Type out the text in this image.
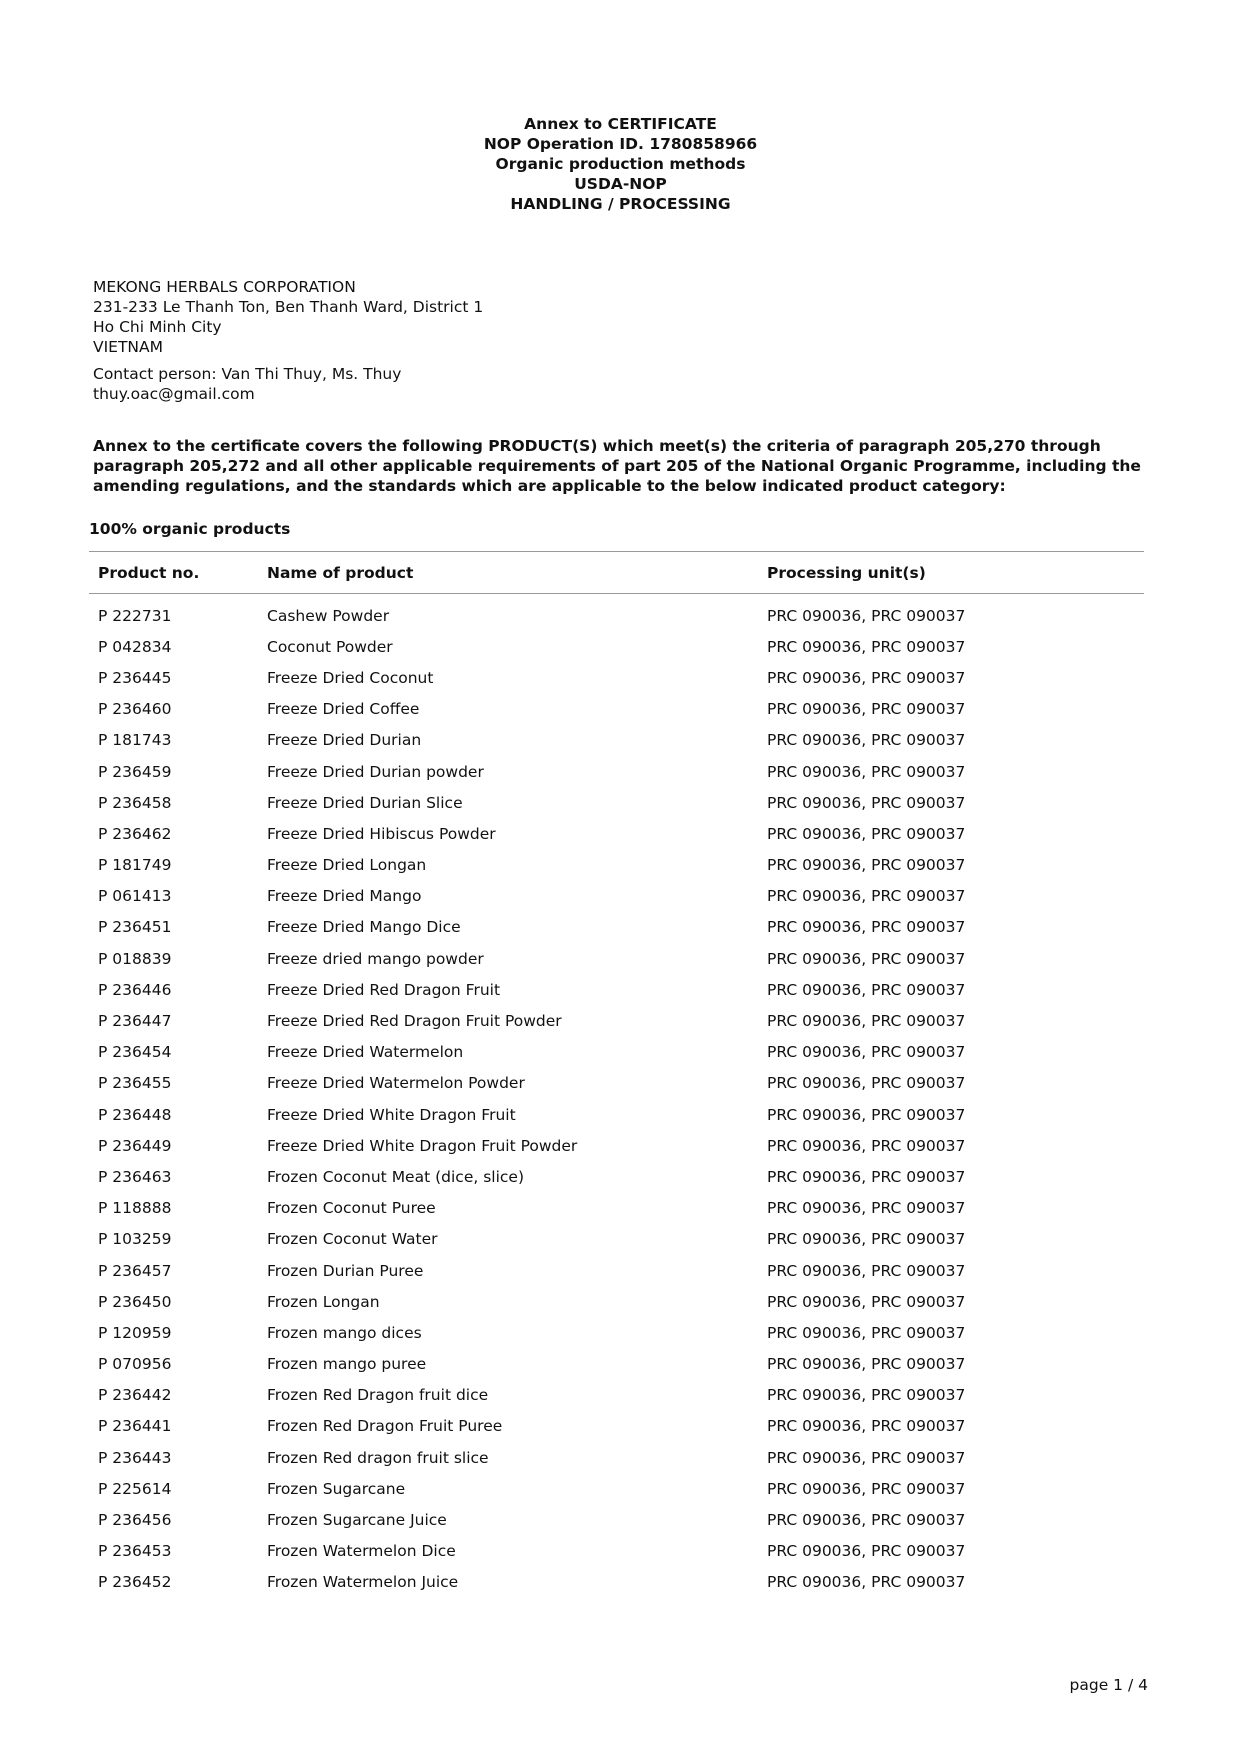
Annex to CERTIFICATE
NOP Operation ID. 1780858966
Organic production methods
USDA-NOP
HANDLING / PROCESSING
MEKONG HERBALS CORPORATION
231-233 Le Thanh Ton, Ben Thanh Ward, District 1
Ho Chi Minh City
VIETNAM
Contact person: Van Thi Thuy, Ms. Thuy
thuy.oac@gmail.com
Annex to the certificate covers the following PRODUCT(S) which meet(s) the criteria of paragraph 205,270 through paragraph 205,272 and all other applicable requirements of part 205 of the National Organic Programme, including the amending regulations, and the standards which are applicable to the below indicated product category:
100% organic products
Product no.	Name of product	Processing unit(s)
P 222731	Cashew Powder	PRC 090036, PRC 090037
P 042834	Coconut Powder	PRC 090036, PRC 090037
P 236445	Freeze Dried Coconut	PRC 090036, PRC 090037
P 236460	Freeze Dried Coffee	PRC 090036, PRC 090037
P 181743	Freeze Dried Durian	PRC 090036, PRC 090037
P 236459	Freeze Dried Durian powder	PRC 090036, PRC 090037
P 236458	Freeze Dried Durian Slice	PRC 090036, PRC 090037
P 236462	Freeze Dried Hibiscus Powder	PRC 090036, PRC 090037
P 181749	Freeze Dried Longan	PRC 090036, PRC 090037
P 061413	Freeze Dried Mango	PRC 090036, PRC 090037
P 236451	Freeze Dried Mango Dice	PRC 090036, PRC 090037
P 018839	Freeze dried mango powder	PRC 090036, PRC 090037
P 236446	Freeze Dried Red Dragon Fruit	PRC 090036, PRC 090037
P 236447	Freeze Dried Red Dragon Fruit Powder	PRC 090036, PRC 090037
P 236454	Freeze Dried Watermelon	PRC 090036, PRC 090037
P 236455	Freeze Dried Watermelon Powder	PRC 090036, PRC 090037
P 236448	Freeze Dried White Dragon Fruit	PRC 090036, PRC 090037
P 236449	Freeze Dried White Dragon Fruit Powder	PRC 090036, PRC 090037
P 236463	Frozen Coconut Meat (dice, slice)	PRC 090036, PRC 090037
P 118888	Frozen Coconut Puree	PRC 090036, PRC 090037
P 103259	Frozen Coconut Water	PRC 090036, PRC 090037
P 236457	Frozen Durian Puree	PRC 090036, PRC 090037
P 236450	Frozen Longan	PRC 090036, PRC 090037
P 120959	Frozen mango dices	PRC 090036, PRC 090037
P 070956	Frozen mango puree	PRC 090036, PRC 090037
P 236442	Frozen Red Dragon fruit dice	PRC 090036, PRC 090037
P 236441	Frozen Red Dragon Fruit Puree	PRC 090036, PRC 090037
P 236443	Frozen Red dragon fruit slice	PRC 090036, PRC 090037
P 225614	Frozen Sugarcane	PRC 090036, PRC 090037
P 236456	Frozen Sugarcane Juice	PRC 090036, PRC 090037
P 236453	Frozen Watermelon Dice	PRC 090036, PRC 090037
P 236452	Frozen Watermelon Juice	PRC 090036, PRC 090037
page 1 / 4
